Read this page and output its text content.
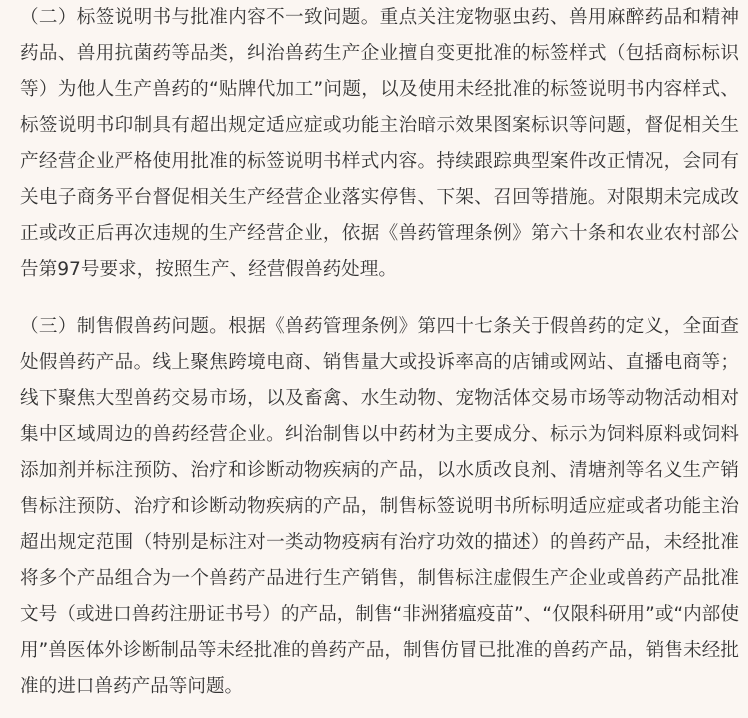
（二）标签说明书与批准内容不一致问题。重点关注宠物驱虫药、兽用麻醉药品和精神
药品、兽用抗菌药等品类，纠治兽药生产企业擅自变更批准的标签样式（包括商标标识
等）为他人生产兽药的“贴牌代加工”问题，以及使用未经批准的标签说明书内容样式、
标签说明书印制具有超出规定适应症或功能主治暗示效果图案标识等问题，督促相关生
产经营企业严格使用批准的标签说明书样式内容。持续跟踪典型案件改正情况，会同有
关电子商务平台督促相关生产经营企业落实停售、下架、召回等措施。对限期未完成改
正或改正后再次违规的生产经营企业，依据《兽药管理条例》第六十条和农业农村部公
告第97号要求，按照生产、经营假兽药处理。
（三）制售假兽药问题。根据《兽药管理条例》第四十七条关于假兽药的定义，全面查
处假兽药产品。线上聚焦跨境电商、销售量大或投诉率高的店铺或网站、直播电商等；
线下聚焦大型兽药交易市场，以及畜禽、水生动物、宠物活体交易市场等动物活动相对
集中区域周边的兽药经营企业。纠治制售以中药材为主要成分、标示为饲料原料或饲料
添加剂并标注预防、治疗和诊断动物疾病的产品，以水质改良剂、清塘剂等名义生产销
售标注预防、治疗和诊断动物疾病的产品，制售标签说明书所标明适应症或者功能主治
超出规定范围（特别是标注对一类动物疫病有治疗功效的描述）的兽药产品，未经批准
将多个产品组合为一个兽药产品进行生产销售，制售标注虚假生产企业或兽药产品批准
文号（或进口兽药注册证书号）的产品，制售“非洲猪瘟疫苗”、“仅限科研用”或“内部使
用”兽医体外诊断制品等未经批准的兽药产品，制售仿冒已批准的兽药产品，销售未经批
准的进口兽药产品等问题。
